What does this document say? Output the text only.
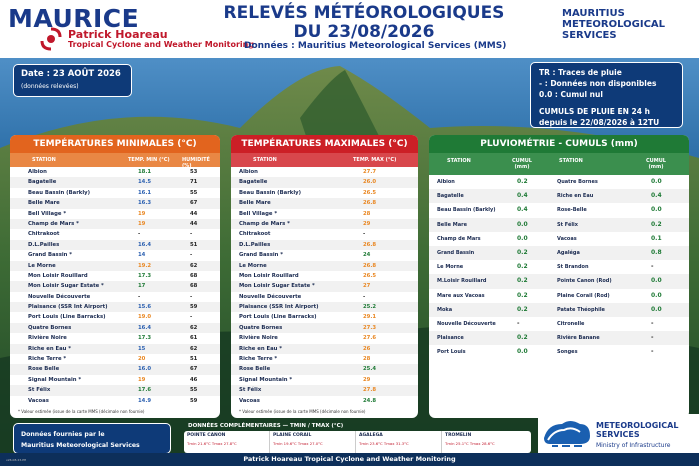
MAURICE
Patrick Hoareau
Tropical Cyclone and Weather Monitoring
RELEVÉS MÉTÉOROLOGIQUES
DU 23/08/2026
Données : Mauritius Meteorological Services (MMS)
MAURITIUS
METEOROLOGICAL
SERVICES
Date : 23 AOÛT 2026
(données relevées)
TR : Traces de pluie
- : Données non disponibles
0.0 : Cumul nul
CUMULS DE PLUIE EN 24 h
depuis le 22/08/2026 à 12TU
TEMPÉRATURES MINIMALES (°C)
STATION	TEMP. MIN (°C) HUMIDITÉ (%)
Albion	18.1	53
Bagatelle	14.5	71
Beau Bassin (Barkly)	16.1	55
Belle Mare	16.3	67
Bell Village *	19	44
Champ de Mars *	19	44
Chitrakoot	-	-
D.L.Pailles	16.4	51
Grand Bassin *	14	-
Le Morne	19.2	62
Mon Loisir Rouillard	17.3	68
Mon Loisir Sugar Estate *	17	68
Nouvelle Découverte	-	-
Plaisance (SSR Int Airport)	15.6	59
Port Louis (Line Barracks)	19.0	-
Quatre Bornes	16.4	62
Rivière Noire	17.3	61
Riche en Eau *	15	62
Riche Terre *	20	51
Rose Belle	16.0	67
Signal Mountain *	19	46
St Félix	17.6	55
Vacoas	14.9	59
* Valeur estimée (issue de la carte MMS (décimale non fournie)
TEMPÉRATURES MAXIMALES (°C)
STATION	TEMP. MAX (°C)
Albion	27.7
Bagatelle	26.0
Beau Bassin (Barkly)	26.5
Belle Mare	26.8
Bell Village *	28
Champ de Mars *	29
Chitrakoot	-
D.L.Pailles	26.8
Grand Bassin *	24
Le Morne	26.8
Mon Loisir Rouillard	26.5
Mon Loisir Sugar Estate *	27
Nouvelle Découverte	-
Plaisance (SSR Int Airport)	25.2
Port Louis (Line Barracks)	29.1
Quatre Bornes	27.3
Rivière Noire	27.6
Riche en Eau *	26
Riche Terre *	28
Rose Belle	25.4
Signal Mountain *	29
St Félix	27.8
Vacoas	24.8
* Valeur estimée (issue de la carte MMS (décimale non fournie)
PLUVIOMÉTRIE - CUMULS (mm)
STATION	CUMUL (mm)
STATION	CUMUL (mm)
Albion	0.2	Quatre Bornes	0.0
Bagatelle	0.4	Riche en Eau	0.4
Beau Bassin (Barkly)	0.4	Rose-Belle	0.0
Belle Mare	0.0	St Félix	0.2
Champ de Mars	0.0	Vacoas	0.1
Grand Bassin	0.2	Agaléga	0.8
Le Morne	0.2	St Brandon	-
M.Loisir Rouillard	0.2	Pointe Canon (Rod)	0.0
Mare aux Vacoas	0.2	Plaine Corail (Rod)	0.0
Moka	0.2	Patate Théophile	0.0
Nouvelle Découverte	-	Citronelle	-
Plaisance	0.2	Rivière Banane	-
Port Louis	0.0	Songes	-
Données fournies par le
Mauritius Meteorological Services
DONNÉES COMPLÉMENTAIRES — TMIN / TMAX (°C)
POINTE CANON
Tmin 21.6°C Tmax 27.8°C
PLAINE CORAIL
Tmin 19.6°C Tmax 27.0°C
AGALEGA
Tmin 23.6°C Tmax 31.3°C
TROMELIN
Tmin 25.1°C Tmax 28.6°C
METEOROLOGICAL
SERVICES
Ministry of Infrastructure
Patrick Hoareau Tropical Cyclone and Weather Monitoring
v26.08.23-PH
